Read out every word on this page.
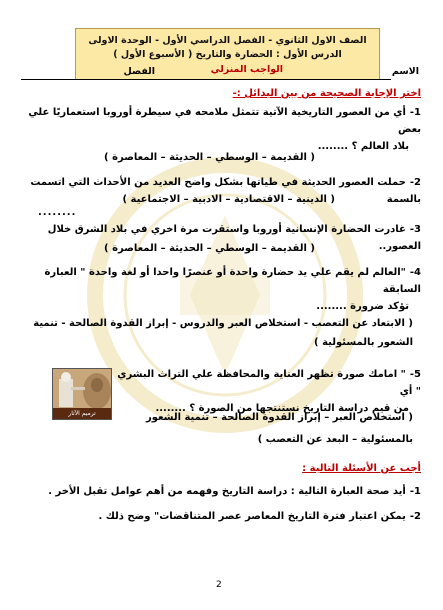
الصف الاول الثانوي - الفصل الدراسي الأول - الوحدة الاولى
الدرس الأول : الحضارة والتاريخ ( الأسبوع الأول )
الاسم
الواجب المنزلي
الفصل
اختر الإجابة الصحيحة من بين البدائل :-
1-أي من العصور التاريخية الآتية تتمثل ملامحه في سيطرة أوروبا استعماريًا علي بعض
بلاد العالم ؟ ........
( القديمة – الوسطي – الحديثة – المعاصرة )
2-حملت العصور الحديثة في طياتها بشكل واضح العديد من الأحداث التي اتسمت بالسمة
( الدينية – الاقتصادية – الادبية – الاجتماعية )
........
3-غادرت الحضارة الإنسانية أوروبا واستقرت مرة اخري في بلاد الشرق خلال العصور..
( القديمة – الوسطي – الحديثة – المعاصرة )
4-"العالم لم يقم علي يد حضارة واحدة أو عنصرًا واحدا أو لغة واحدة " العبارة السابقة
تؤكد ضرورة ........
( الابتعاد عن التعصب - استخلاص العبر والدروس - إبراز القدوة الصالحة - تنمية
الشعور بالمسئولية )
5-" امامك صورة تظهر العناية والمحافظة علي التراث البشري " أي
من قيم دراسة التاريخ نستنتجها من الصورة ؟ ........
( استخلاص العبر – إبراز القدوة الصالحة – تنمية الشعور
بالمسئولية – البعد عن التعصب )
ترميم الآثار
أجب عن الأسئلة التالية :
1-أيد صحة العبارة التالية : دراسة التاريخ وفهمه من أهم عوامل تقبل الأخر .
2-يمكن اعتبار فترة التاريخ المعاصر عصر المتناقضات" وضح ذلك .
2
